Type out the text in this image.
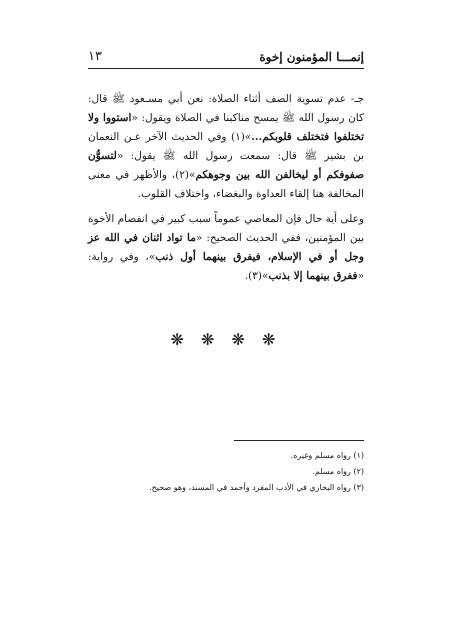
إنمـــا المؤمنون إخوة
١٣

جـ- عدم تسوية الصف أثناء الصلاة: نعن أبي مسـعود ﷺ قال: كان رسول الله ﷺ يمسح مناكبنا في الصلاة ويقول: «استووا ولا تختلفوا فتختلف قلوبكم...»(١) وفي الحديث الآخر عـن النعمان بن بشير ﷺ قال: سمعت رسول الله ﷺ يقول: «لتسوُّن صفوفكم أو ليخالفن الله بين وجوهكم»(٢)، والأظهر في معنى المخالفة هنا إلقاء العداوة والبغضاء، واختلاف القلوب.

وعلى أية حال فإن المعاصي عموماً سبب كبير في انفصام الأخوة بين المؤمنين، ففي الحديث الصحيح: «ما تواد اثنان في الله عز وجل أو في الإسلام، فيفرق بينهما أول ذنب»، وفي رواية: «ففرق بينهما إلا بذنب»(٣).

❋ ❋ ❋ ❋

(١) رواه مسلم وغيره.

(٢) رواه مسلم.

(٣) رواه البخاري في الأدب المفرد وأحمد في المسند، وهو صحيح.
